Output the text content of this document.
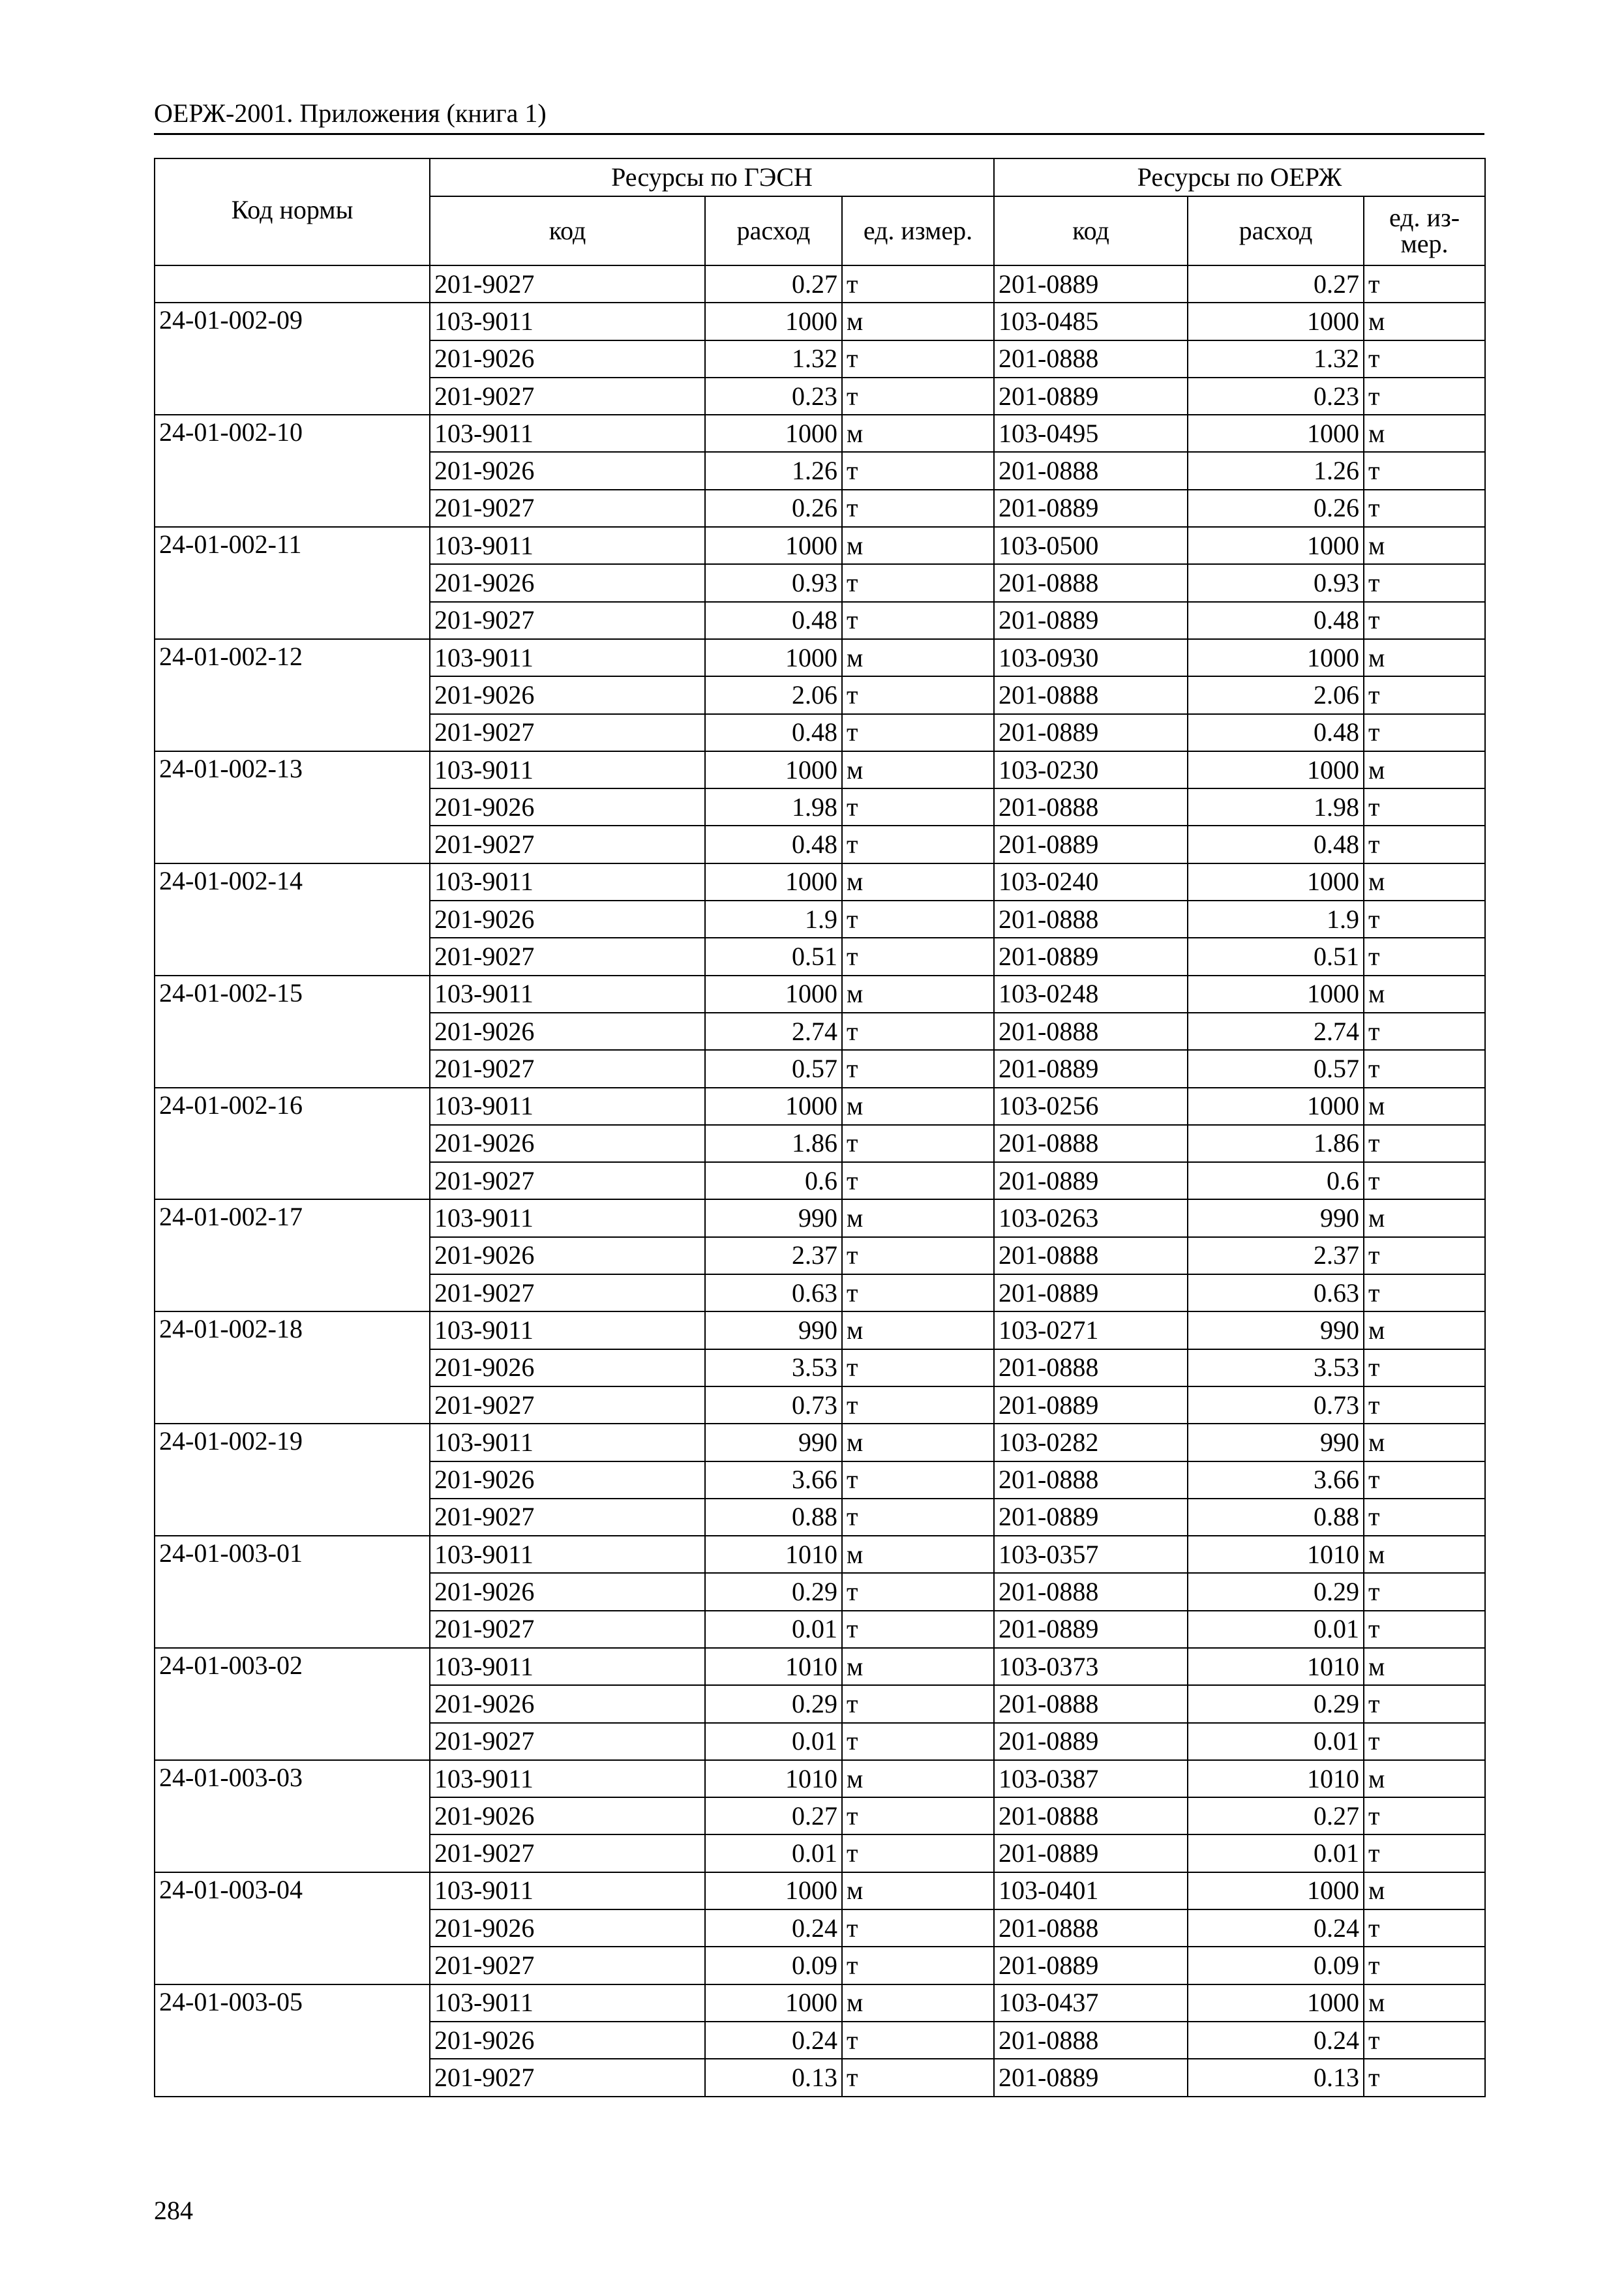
ОЕРЖ-2001. Приложения (книга 1)
Код нормы	Ресурсы по ГЭСН			Ресурсы по ОЕРЖ		
	код	расход	ед. измер.	код	расход	ед. из-мер.
	201-9027	0.27	т	201-0889	0.27	т
24-01-002-09	103-9011	1000	м	103-0485	1000	м
	201-9026	1.32	т	201-0888	1.32	т
	201-9027	0.23	т	201-0889	0.23	т
24-01-002-10	103-9011	1000	м	103-0495	1000	м
	201-9026	1.26	т	201-0888	1.26	т
	201-9027	0.26	т	201-0889	0.26	т
24-01-002-11	103-9011	1000	м	103-0500	1000	м
	201-9026	0.93	т	201-0888	0.93	т
	201-9027	0.48	т	201-0889	0.48	т
24-01-002-12	103-9011	1000	м	103-0930	1000	м
	201-9026	2.06	т	201-0888	2.06	т
	201-9027	0.48	т	201-0889	0.48	т
24-01-002-13	103-9011	1000	м	103-0230	1000	м
	201-9026	1.98	т	201-0888	1.98	т
	201-9027	0.48	т	201-0889	0.48	т
24-01-002-14	103-9011	1000	м	103-0240	1000	м
	201-9026	1.9	т	201-0888	1.9	т
	201-9027	0.51	т	201-0889	0.51	т
24-01-002-15	103-9011	1000	м	103-0248	1000	м
	201-9026	2.74	т	201-0888	2.74	т
	201-9027	0.57	т	201-0889	0.57	т
24-01-002-16	103-9011	1000	м	103-0256	1000	м
	201-9026	1.86	т	201-0888	1.86	т
	201-9027	0.6	т	201-0889	0.6	т
24-01-002-17	103-9011	990	м	103-0263	990	м
	201-9026	2.37	т	201-0888	2.37	т
	201-9027	0.63	т	201-0889	0.63	т
24-01-002-18	103-9011	990	м	103-0271	990	м
	201-9026	3.53	т	201-0888	3.53	т
	201-9027	0.73	т	201-0889	0.73	т
24-01-002-19	103-9011	990	м	103-0282	990	м
	201-9026	3.66	т	201-0888	3.66	т
	201-9027	0.88	т	201-0889	0.88	т
24-01-003-01	103-9011	1010	м	103-0357	1010	м
	201-9026	0.29	т	201-0888	0.29	т
	201-9027	0.01	т	201-0889	0.01	т
24-01-003-02	103-9011	1010	м	103-0373	1010	м
	201-9026	0.29	т	201-0888	0.29	т
	201-9027	0.01	т	201-0889	0.01	т
24-01-003-03	103-9011	1010	м	103-0387	1010	м
	201-9026	0.27	т	201-0888	0.27	т
	201-9027	0.01	т	201-0889	0.01	т
24-01-003-04	103-9011	1000	м	103-0401	1000	м
	201-9026	0.24	т	201-0888	0.24	т
	201-9027	0.09	т	201-0889	0.09	т
24-01-003-05	103-9011	1000	м	103-0437	1000	м
	201-9026	0.24	т	201-0888	0.24	т
	201-9027	0.13	т	201-0889	0.13	т
284
